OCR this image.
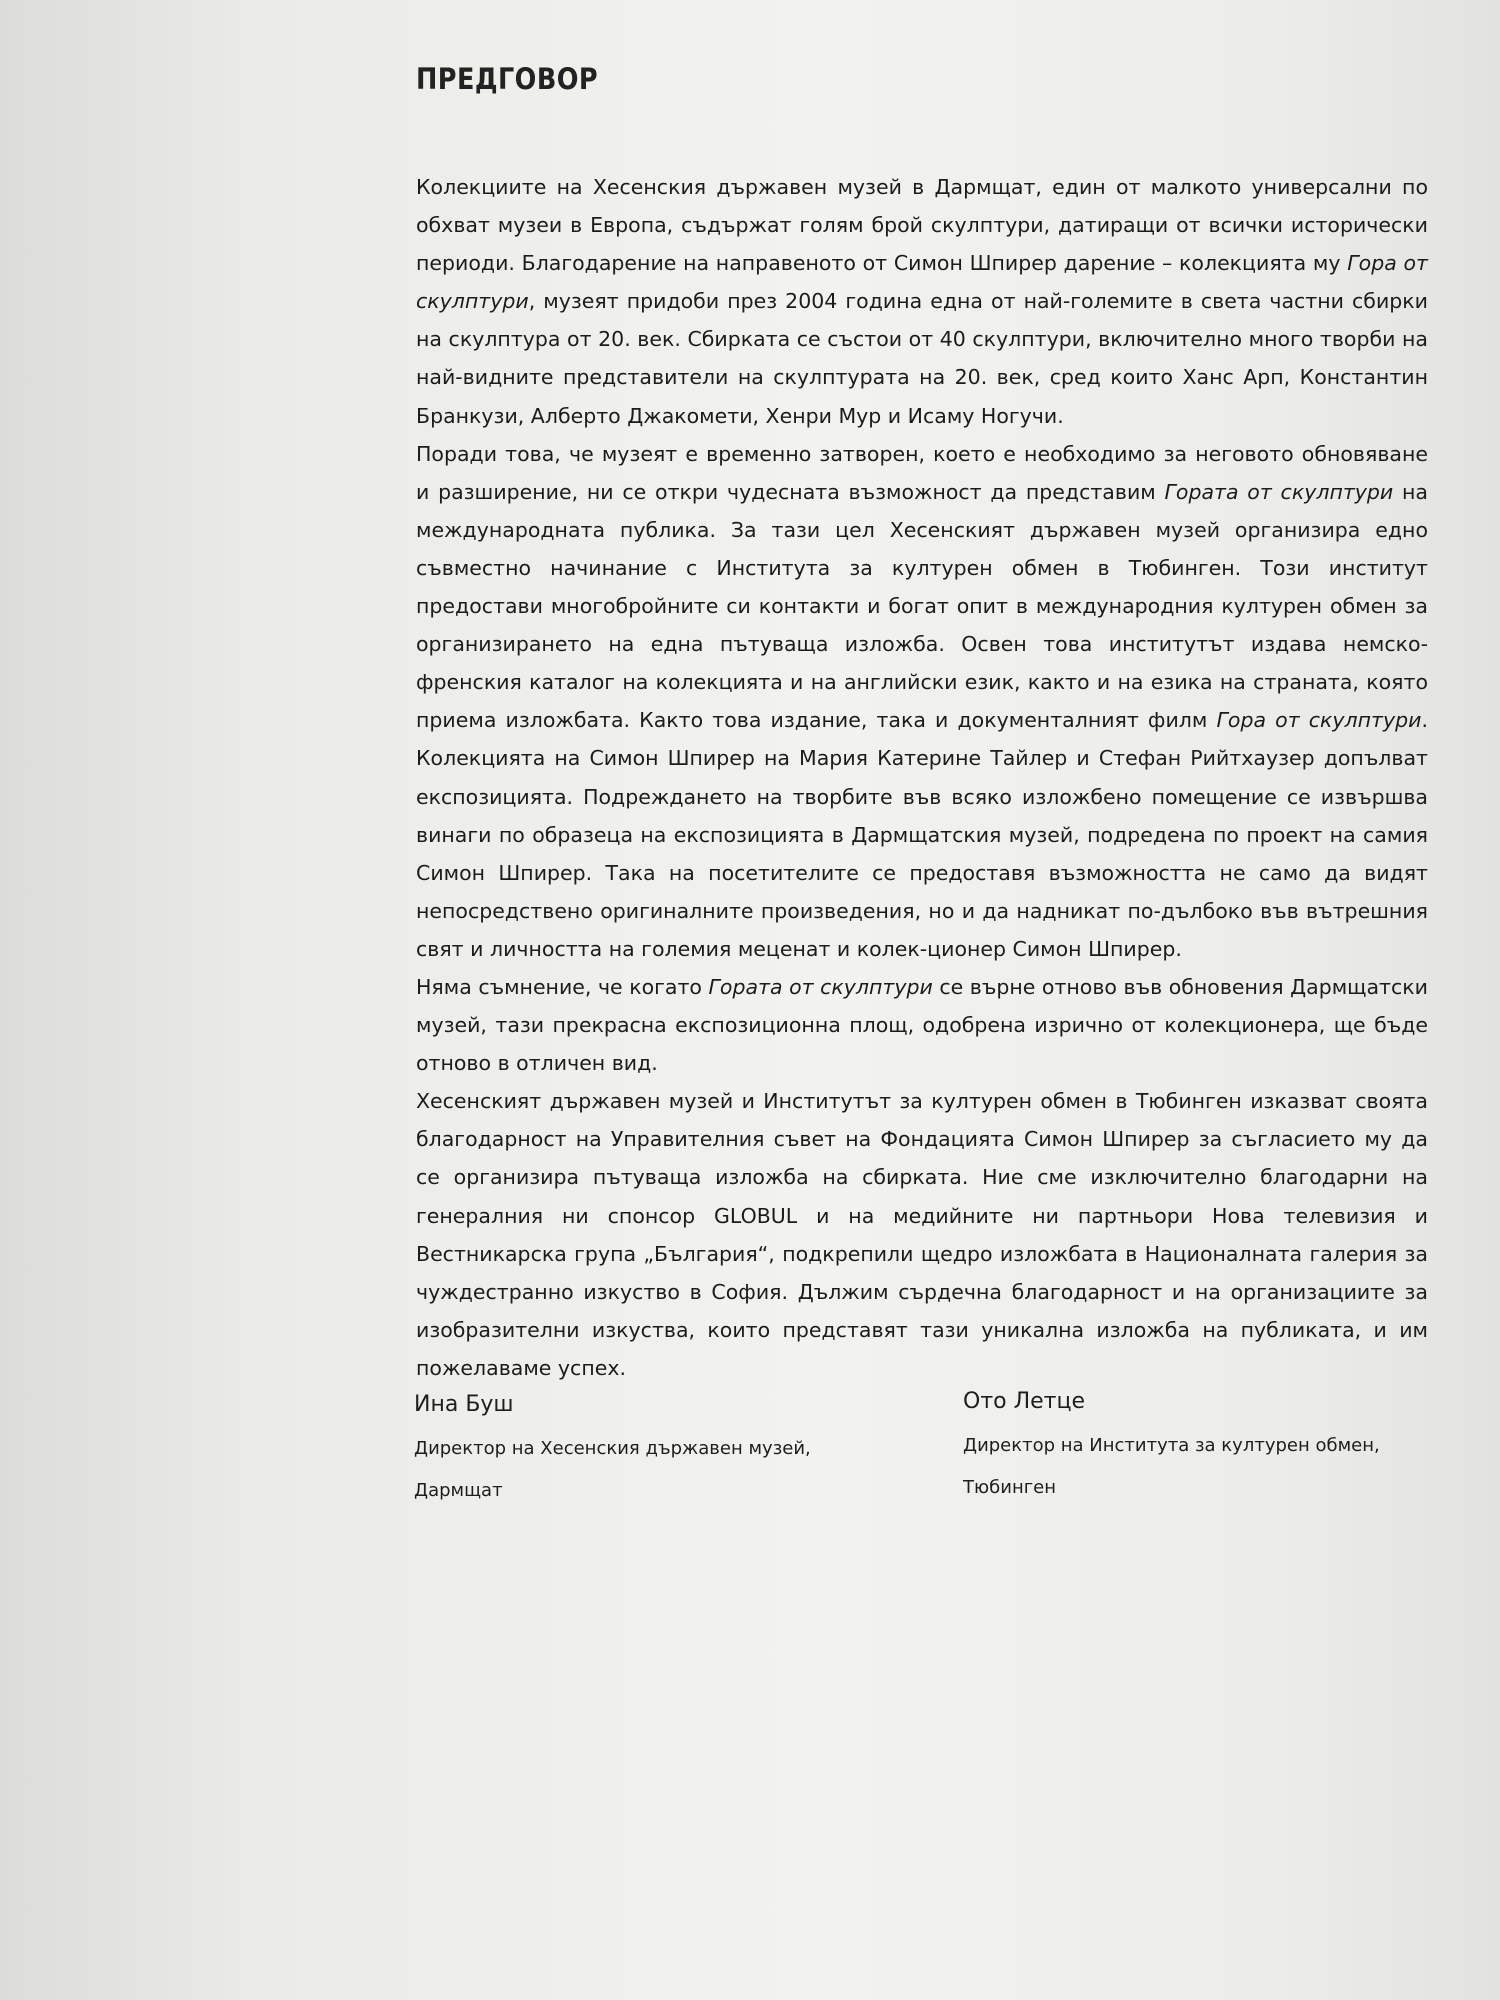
ПРЕДГОВОР

Колекциите на Хесенския държавен музей в Дармщат, един от малкото универсални по обхват музеи в Европа, съдържат голям брой скулптури, датиращи от всички исторически периоди. Благодарение на направеното от Симон Шпирер дарение – колекцията му Гора от скулптури, музеят придоби през 2004 година една от най-големите в света частни сбирки на скулптура от 20. век. Сбирката се състои от 40 скулптури, включително много творби на най-видните представители на скулптурата на 20. век, сред които Ханс Арп, Константин Бранкузи, Алберто Джакомети, Хенри Мур и Исаму Ногучи.

Поради това, че музеят е временно затворен, което е необходимо за неговото обновяване и разширение, ни се откри чудесната възможност да представим Гората от скулптури на международната публика. За тази цел Хесенският държавен музей организира едно съвместно начинание с Института за културен обмен в Тюбинген. Този институт предостави многобройните си контакти и богат опит в международния културен обмен за организирането на една пътуваща изложба. Освен това институтът издава немско-френския каталог на колекцията и на английски език, както и на езика на страната, която приема изложбата. Както това издание, така и документалният филм Гора от скулптури. Колекцията на Симон Шпирер на Мария Катерине Тайлер и Стефан Рийтхаузер допълват експозицията. Подреждането на творбите във всяко изложбено помещение се извършва винаги по образеца на експозицията в Дармщатския музей, подредена по проект на самия Симон Шпирер. Така на посетителите се предоставя възможността не само да видят непосредствено оригиналните произведения, но и да надникат по-дълбоко във вътрешния свят и личността на големия меценат и колек-ционер Симон Шпирер.

Няма съмнение, че когато Гората от скулптури се върне отново във обновения Дармщатски музей, тази прекрасна експозиционна площ, одобрена изрично от колекционера, ще бъде отново в отличен вид.

Хесенският държавен музей и Институтът за културен обмен в Тюбинген изказват своята благодарност на Управителния съвет на Фондацията Симон Шпирер за съгласието му да се организира пътуваща изложба на сбирката. Ние сме изключително благодарни на генералния ни спонсор GLOBUL и на медийните ни партньори Нова телевизия и Вестникарска група „България“, подкрепили щедро изложбата в Националната галерия за чуждестранно изкуство в София. Дължим сърдечна благодарност и на организациите за изобразителни изкуства, които представят тази уникална изложба на публиката, и им пожелаваме успех.

Ина Буш
Директор на Хесенския държавен музей,
Дармщат
Ото Летце
Директор на Института за културен обмен,
Тюбинген
